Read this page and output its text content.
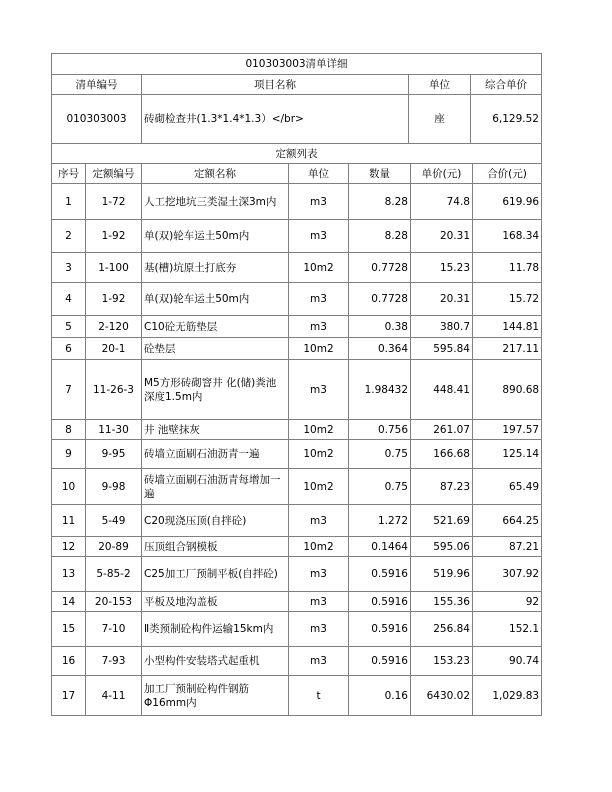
010303003清单详细			
清单编号	项目名称	单位	综合单价
010303003	砖砌检查井(1.3*1.4*1.3）</br>	座	6,129.52
定额列表						
序号	定额编号	定额名称	单位	数量	单价(元)	合价(元)
1	1-72	人工挖地坑三类湿土深3m内	m3	8.28	74.8	619.96
2	1-92	单(双)轮车运土50m内	m3	8.28	20.31	168.34
3	1-100	基(槽)坑原土打底夯	10m2	0.7728	15.23	11.78
4	1-92	单(双)轮车运土50m内	m3	0.7728	20.31	15.72
5	2-120	C10砼无筋垫层	m3	0.38	380.7	144.81
6	20-1	砼垫层	10m2	0.364	595.84	217.11
7	11-26-3	M5方形砖砌窨井 化(储)粪池深度1.5m内	m3	1.98432	448.41	890.68
8	11-30	井 池壁抹灰	10m2	0.756	261.07	197.57
9	9-95	砖墙立面刷石油沥青一遍	10m2	0.75	166.68	125.14
10	9-98	砖墙立面刷石油沥青每增加一遍	10m2	0.75	87.23	65.49
11	5-49	C20现浇压顶(自拌砼)	m3	1.272	521.69	664.25
12	20-89	压顶组合钢模板	10m2	0.1464	595.06	87.21
13	5-85-2	C25加工厂预制平板(自拌砼)	m3	0.5916	519.96	307.92
14	20-153	平板及地沟盖板	m3	0.5916	155.36	92
15	7-10	Ⅱ类预制砼构件运输15km内	m3	0.5916	256.84	152.1
16	7-93	小型构件安装塔式起重机	m3	0.5916	153.23	90.74
17	4-11	加工厂预制砼构件钢筋Φ16mm内	t	0.16	6430.02	1,029.83
